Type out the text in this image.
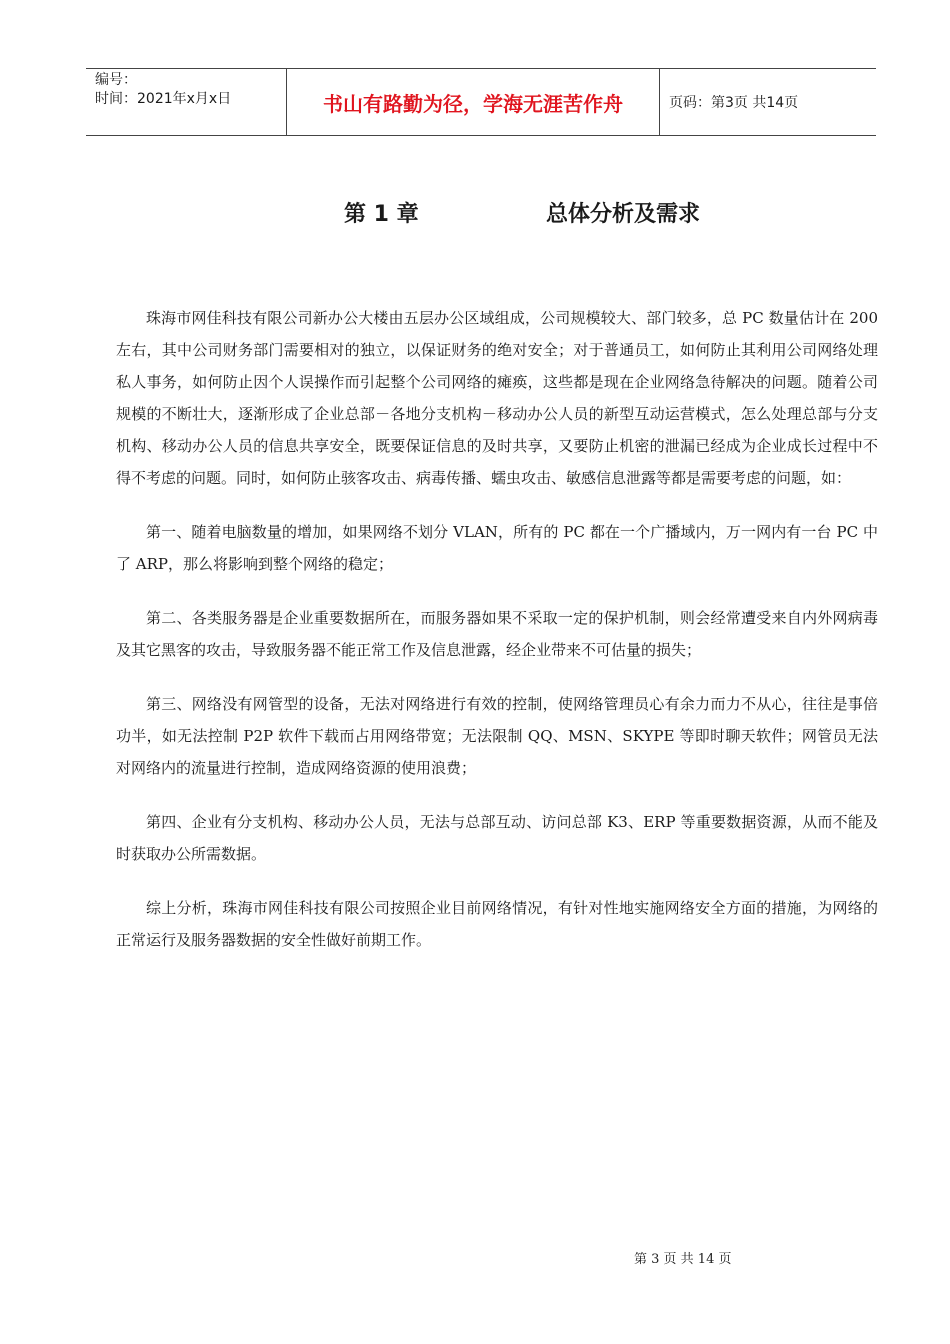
编号：
时间：2021年x月x日	书山有路勤为径，学海无涯苦作舟	页码：第3页 共14页
第 1 章	总体分析及需求

珠海市网佳科技有限公司新办公大楼由五层办公区域组成，公司规模较大、部门较多，总 PC 数量估计在 200 左右，其中公司财务部门需要相对的独立，以保证财务的绝对安全；对于普通员工，如何防止其利用公司网络处理私人事务，如何防止因个人误操作而引起整个公司网络的瘫痪，这些都是现在企业网络急待解决的问题。随着公司规模的不断壮大，逐渐形成了企业总部－各地分支机构－移动办公人员的新型互动运营模式，怎么处理总部与分支机构、移动办公人员的信息共享安全，既要保证信息的及时共享，又要防止机密的泄漏已经成为企业成长过程中不得不考虑的问题。同时，如何防止骇客攻击、病毒传播、蠕虫攻击、敏感信息泄露等都是需要考虑的问题，如：

第一、随着电脑数量的增加，如果网络不划分 VLAN，所有的 PC 都在一个广播域内，万一网内有一台 PC 中了 ARP，那么将影响到整个网络的稳定；

第二、各类服务器是企业重要数据所在，而服务器如果不采取一定的保护机制，则会经常遭受来自内外网病毒及其它黑客的攻击，导致服务器不能正常工作及信息泄露，经企业带来不可估量的损失；

第三、网络没有网管型的设备，无法对网络进行有效的控制，使网络管理员心有余力而力不从心，往往是事倍功半，如无法控制 P2P 软件下载而占用网络带宽；无法限制 QQ、MSN、SKYPE 等即时聊天软件；网管员无法对网络内的流量进行控制，造成网络资源的使用浪费；

第四、企业有分支机构、移动办公人员，无法与总部互动、访问总部 K3、ERP 等重要数据资源，从而不能及时获取办公所需数据。

综上分析，珠海市网佳科技有限公司按照企业目前网络情况，有针对性地实施网络安全方面的措施，为网络的正常运行及服务器数据的安全性做好前期工作。

第 3 页 共 14 页
